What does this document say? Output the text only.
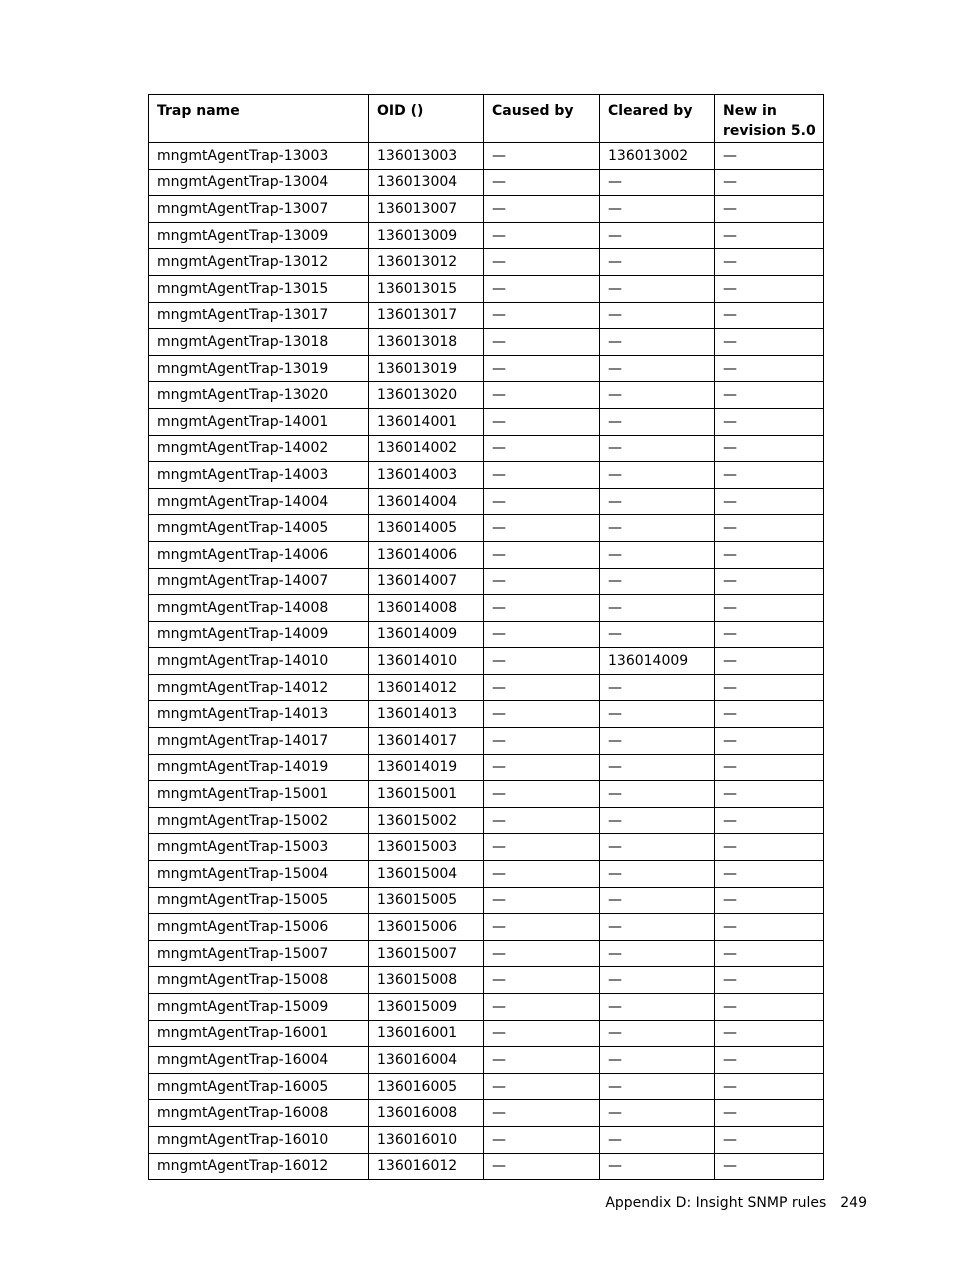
Trap name	OID ()	Caused by	Cleared by	New in revision 5.0
mngmtAgentTrap-13003	136013003	—	136013002	—
mngmtAgentTrap-13004	136013004	—	—	—
mngmtAgentTrap-13007	136013007	—	—	—
mngmtAgentTrap-13009	136013009	—	—	—
mngmtAgentTrap-13012	136013012	—	—	—
mngmtAgentTrap-13015	136013015	—	—	—
mngmtAgentTrap-13017	136013017	—	—	—
mngmtAgentTrap-13018	136013018	—	—	—
mngmtAgentTrap-13019	136013019	—	—	—
mngmtAgentTrap-13020	136013020	—	—	—
mngmtAgentTrap-14001	136014001	—	—	—
mngmtAgentTrap-14002	136014002	—	—	—
mngmtAgentTrap-14003	136014003	—	—	—
mngmtAgentTrap-14004	136014004	—	—	—
mngmtAgentTrap-14005	136014005	—	—	—
mngmtAgentTrap-14006	136014006	—	—	—
mngmtAgentTrap-14007	136014007	—	—	—
mngmtAgentTrap-14008	136014008	—	—	—
mngmtAgentTrap-14009	136014009	—	—	—
mngmtAgentTrap-14010	136014010	—	136014009	—
mngmtAgentTrap-14012	136014012	—	—	—
mngmtAgentTrap-14013	136014013	—	—	—
mngmtAgentTrap-14017	136014017	—	—	—
mngmtAgentTrap-14019	136014019	—	—	—
mngmtAgentTrap-15001	136015001	—	—	—
mngmtAgentTrap-15002	136015002	—	—	—
mngmtAgentTrap-15003	136015003	—	—	—
mngmtAgentTrap-15004	136015004	—	—	—
mngmtAgentTrap-15005	136015005	—	—	—
mngmtAgentTrap-15006	136015006	—	—	—
mngmtAgentTrap-15007	136015007	—	—	—
mngmtAgentTrap-15008	136015008	—	—	—
mngmtAgentTrap-15009	136015009	—	—	—
mngmtAgentTrap-16001	136016001	—	—	—
mngmtAgentTrap-16004	136016004	—	—	—
mngmtAgentTrap-16005	136016005	—	—	—
mngmtAgentTrap-16008	136016008	—	—	—
mngmtAgentTrap-16010	136016010	—	—	—
mngmtAgentTrap-16012	136016012	—	—	—
Appendix D: Insight SNMP rules 249
